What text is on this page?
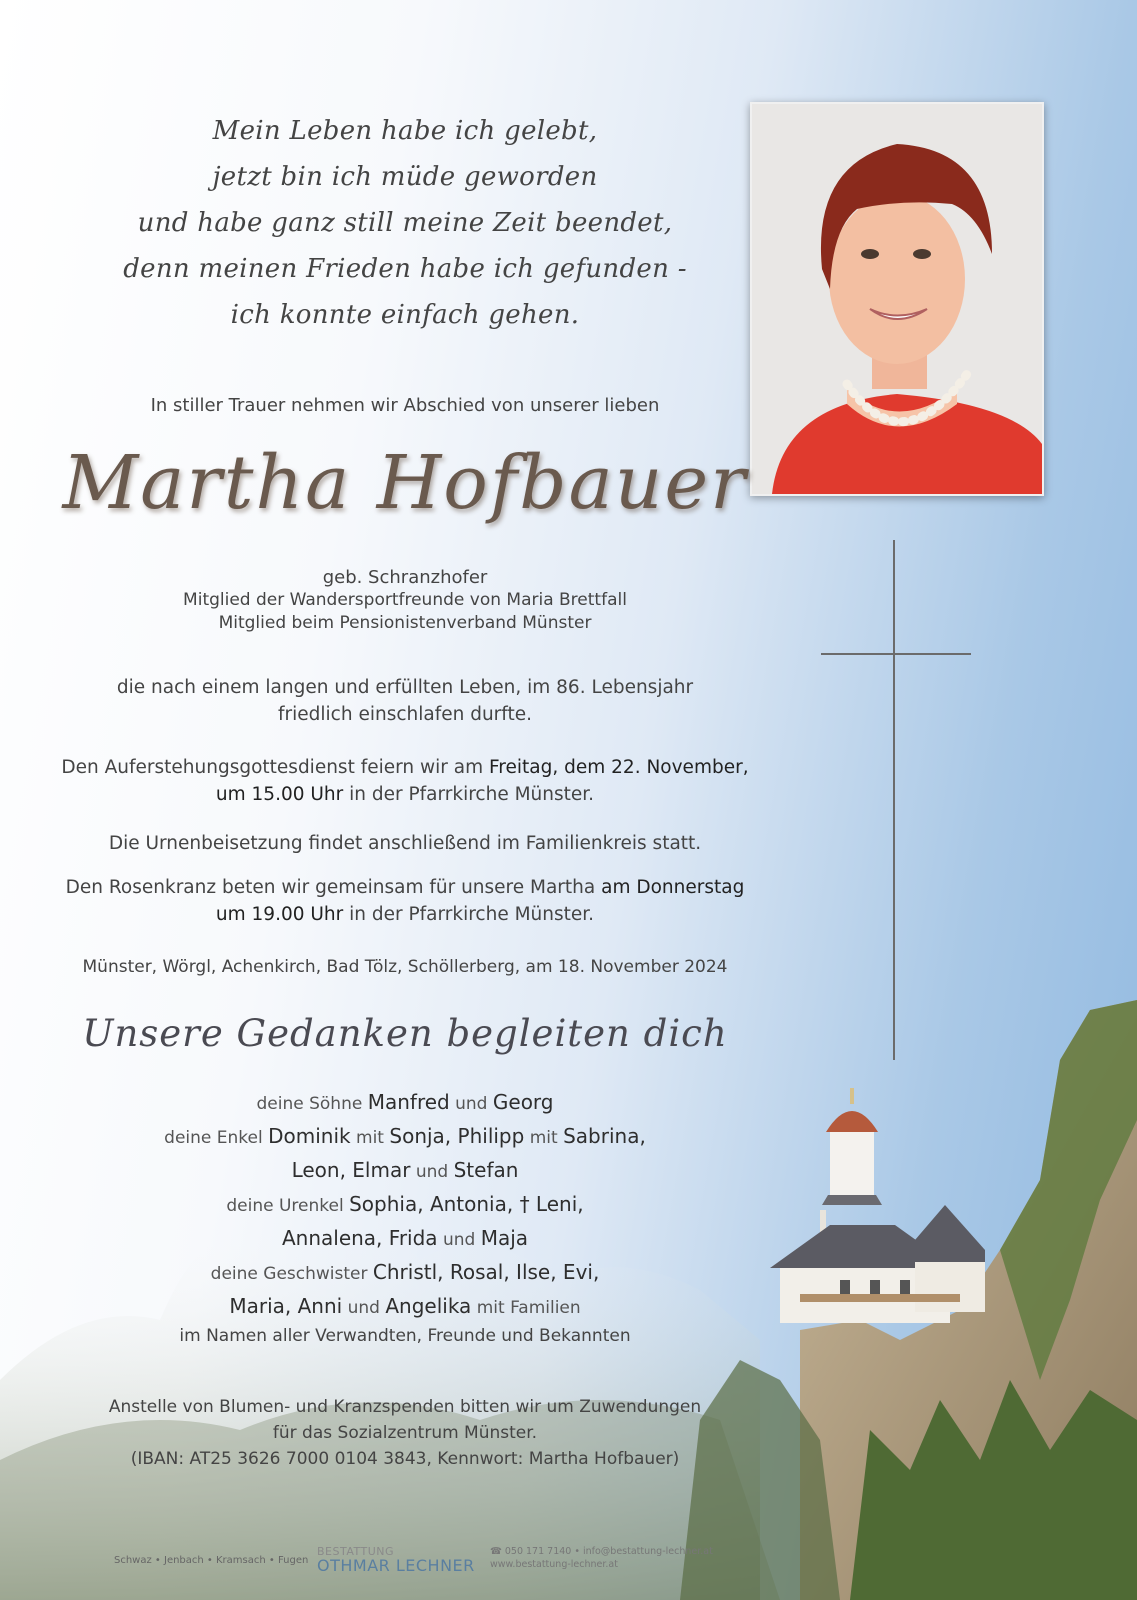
Mein Leben habe ich gelebt,
jetzt bin ich müde geworden
und habe ganz still meine Zeit beendet,
denn meinen Frieden habe ich gefunden -
ich konnte einfach gehen.
In stiller Trauer nehmen wir Abschied von unserer lieben
Martha Hofbauer
geb. Schranzhofer
Mitglied der Wandersportfreunde von Maria Brettfall
Mitglied beim Pensionistenverband Münster
die nach einem langen und erfüllten Leben, im 86. Lebensjahr
friedlich einschlafen durfte.
Den Auferstehungsgottesdienst feiern wir am Freitag, dem 22. November,
um 15.00 Uhr in der Pfarrkirche Münster.
Die Urnenbeisetzung findet anschließend im Familienkreis statt.
Den Rosenkranz beten wir gemeinsam für unsere Martha am Donnerstag
um 19.00 Uhr in der Pfarrkirche Münster.
Münster, Wörgl, Achenkirch, Bad Tölz, Schöllerberg, am 18. November 2024
Unsere Gedanken begleiten dich
deine Söhne Manfred und Georg
deine Enkel Dominik mit Sonja, Philipp mit Sabrina,
Leon, Elmar und Stefan
deine Urenkel Sophia, Antonia, † Leni,
Annalena, Frida und Maja
deine Geschwister Christl, Rosal, Ilse, Evi,
Maria, Anni und Angelika mit Familien
im Namen aller Verwandten, Freunde und Bekannten
Anstelle von Blumen- und Kranzspenden bitten wir um Zuwendungen
für das Sozialzentrum Münster.
(IBAN: AT25 3626 7000 0104 3843, Kennwort: Martha Hofbauer)
Schwaz • Jenbach • Kramsach • Fugen
BESTATTUNG
OTHMAR LECHNER
☎ 050 171 7140 • info@bestattung-lechner.at
www.bestattung-lechner.at
